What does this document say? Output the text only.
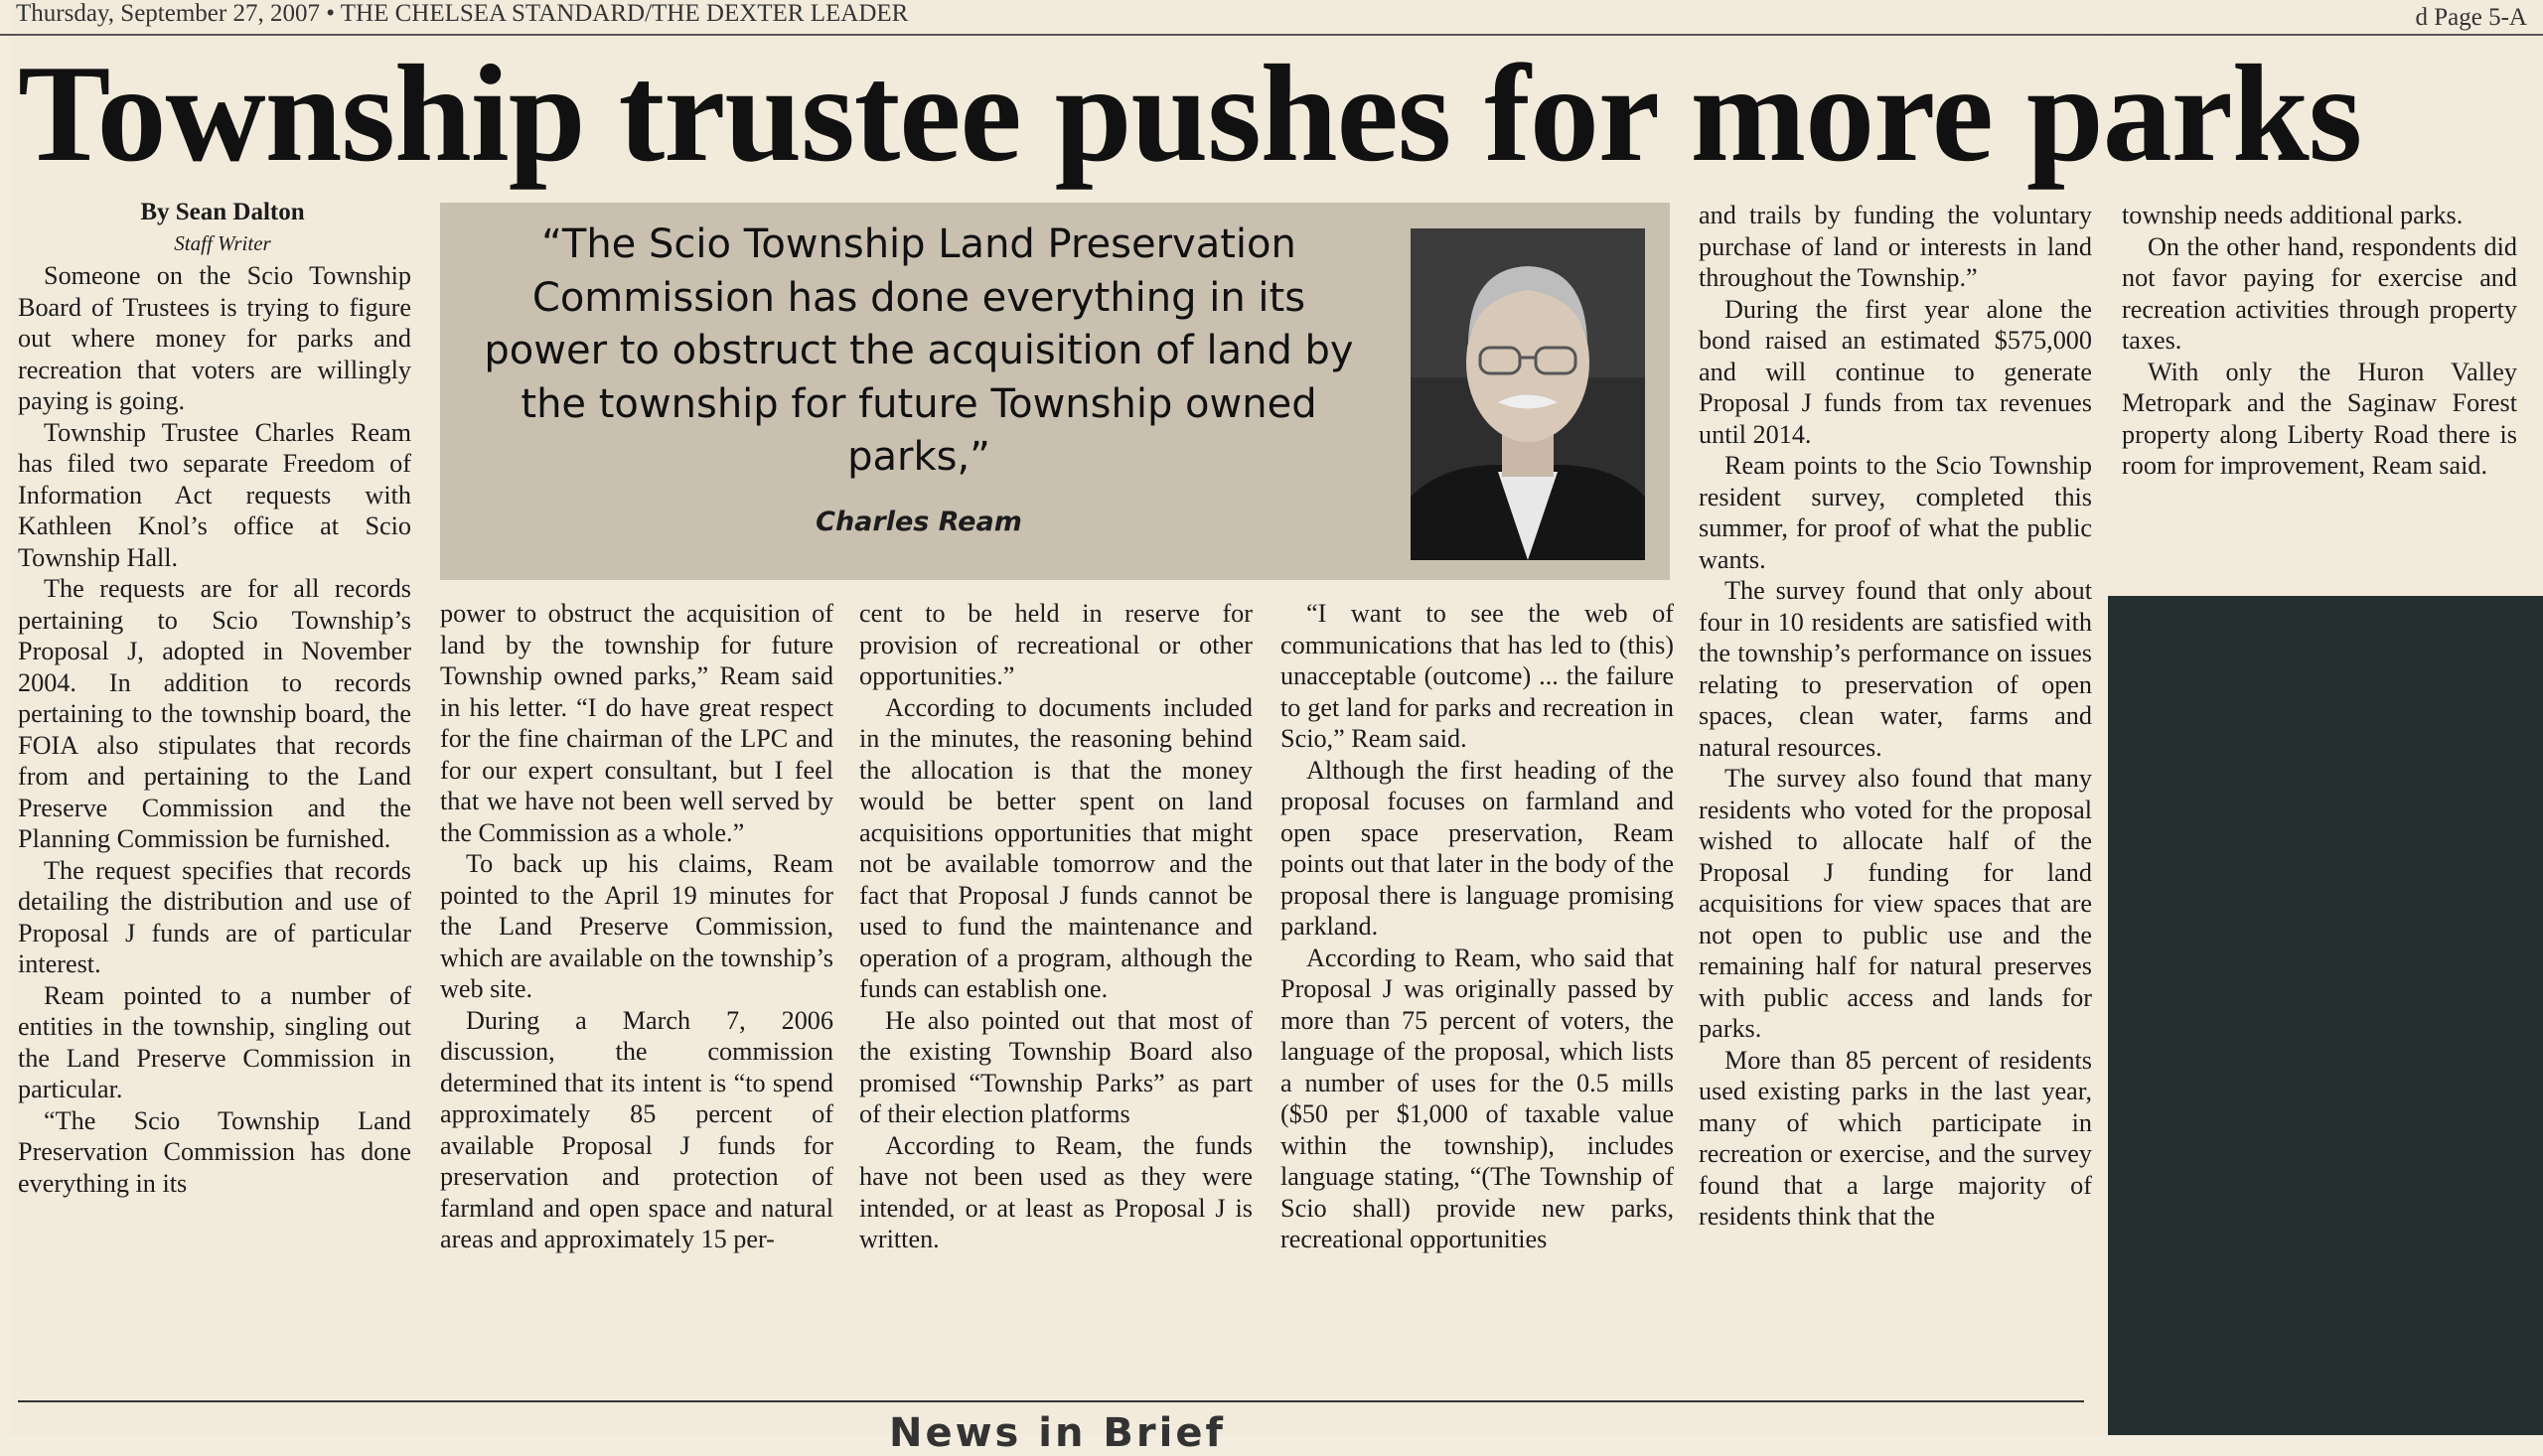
Thursday, September 27, 2007 • THE CHELSEA STANDARD/THE DEXTER LEADER	d Page 5-A
Township trustee pushes for more parks
By Sean Dalton
Staff Writer	“The Scio Township Land Preservation Commission has done everything in its power to obstruct the acquisition of land by the township for future Township owned parks,”
Charles Ream

Someone on the Scio Township Board of Trustees is trying to figure out where money for parks and recreation that voters are willingly paying is going.

Township Trustee Charles Ream has filed two separate Freedom of Information Act requests with Kathleen Knol’s office at Scio Township Hall.

The requests are for all records pertaining to Scio Township’s Proposal J, adopted in November 2004. In addition to records pertaining to the township board, the FOIA also stipulates that records from and pertaining to the Land Preserve Commission and the Planning Commission be furnished.

The request specifies that records detailing the distribution and use of Proposal J funds are of particular interest.

Ream pointed to a number of entities in the township, singling out the Land Preserve Commission in particular.

“The Scio Township Land Preservation Commission has done everything in its

power to obstruct the acquisition of land by the township for future Township owned parks,” Ream said in his letter. “I do have great respect for the fine chairman of the LPC and for our expert consultant, but I feel that we have not been well served by the Commission as a whole.”

To back up his claims, Ream pointed to the April 19 minutes for the Land Preserve Commission, which are available on the township’s web site.

During a March 7, 2006 discussion, the commission determined that its intent is “to spend approximately 85 percent of available Proposal J funds for preservation and protection of farmland and open space and natural areas and approximately 15 per-

cent to be held in reserve for provision of recreational or other opportunities.”

According to documents included in the minutes, the reasoning behind the allocation is that the money would be better spent on land acquisitions opportunities that might not be available tomorrow and the fact that Proposal J funds cannot be used to fund the maintenance and operation of a program, although the funds can establish one.

He also pointed out that most of the existing Township Board also promised “Township Parks” as part of their election platforms

According to Ream, the funds have not been used as they were intended, or at least as Proposal J is written.

“I want to see the web of communications that has led to (this) unacceptable (outcome) ... the failure to get land for parks and recreation in Scio,” Ream said.

Although the first heading of the proposal focuses on farmland and open space preservation, Ream points out that later in the body of the proposal there is language promising parkland.

According to Ream, who said that Proposal J was originally passed by more than 75 percent of voters, the language of the proposal, which lists a number of uses for the 0.5 mills ($50 per $1,000 of taxable value within the township), includes language stating, “(The Township of Scio shall) provide new parks, recreational opportunities

and trails by funding the voluntary purchase of land or interests in land throughout the Township.”

During the first year alone the bond raised an estimated $575,000 and will continue to generate Proposal J funds from tax revenues until 2014.

Ream points to the Scio Township resident survey, completed this summer, for proof of what the public wants.

The survey found that only about four in 10 residents are satisfied with the township’s performance on issues relating to preservation of open spaces, clean water, farms and natural resources.

The survey also found that many residents who voted for the proposal wished to allocate half of the Proposal J funding for land acquisitions for view spaces that are not open to public use and the remaining half for natural preserves with public access and lands for parks.

More than 85 percent of residents used existing parks in the last year, many of which participate in recreation or exercise, and the survey found that a large majority of residents think that the

township needs additional parks.

On the other hand, respondents did not favor paying for exercise and recreation activities through property taxes.

With only the Huron Valley Metropark and the Saginaw Forest property along Liberty Road there is room for improvement, Ream said.

News in Brief
